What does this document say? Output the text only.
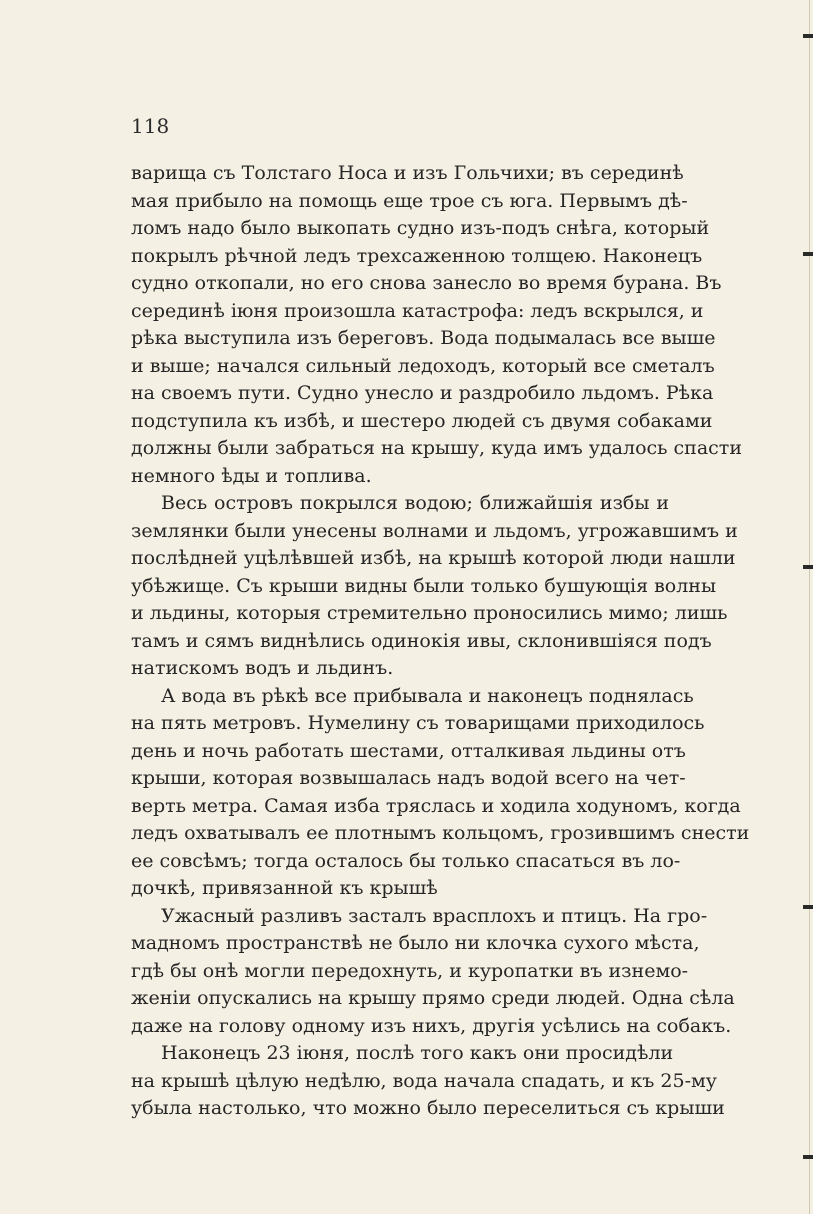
118
варища съ Толстаго Носа и изъ Гольчихи; въ серединѣ
мая прибыло на помощь еще трое съ юга. Первымъ дѣ-
ломъ надо было выкопать судно изъ-подъ снѣга, который
покрылъ рѣчной ледъ трехсаженною толщею. Наконецъ
судно откопали, но его снова занесло во время бурана. Въ
серединѣ іюня произошла катастрофа: ледъ вскрылся, и
рѣка выступила изъ береговъ. Вода подымалась все выше
и выше; начался сильный ледоходъ, который все сметалъ
на своемъ пути. Судно унесло и раздробило льдомъ. Рѣка
подступила къ избѣ, и шестеро людей съ двумя собаками
должны были забраться на крышу, куда имъ удалось спасти
немного ѣды и топлива.
Весь островъ покрылся водою; ближайшія избы и
землянки были унесены волнами и льдомъ, угрожавшимъ и
послѣдней уцѣлѣвшей избѣ, на крышѣ которой люди нашли
убѣжище. Съ крыши видны были только бушующія волны
и льдины, которыя стремительно проносились мимо; лишь
тамъ и сямъ виднѣлись одинокія ивы, склонившіяся подъ
натискомъ водъ и льдинъ.
А вода въ рѣкѣ все прибывала и наконецъ поднялась
на пять метровъ. Нумелину съ товарищами приходилось
день и ночь работать шестами, отталкивая льдины отъ
крыши, которая возвышалась надъ водой всего на чет-
верть метра. Самая изба тряслась и ходила ходуномъ, когда
ледъ охватывалъ ее плотнымъ кольцомъ, грозившимъ снести
ее совсѣмъ; тогда осталось бы только спасаться въ ло-
дочкѣ, привязанной къ крышѣ
Ужасный разливъ засталъ врасплохъ и птицъ. На гро-
мадномъ пространствѣ не было ни клочка сухого мѣста,
гдѣ бы онѣ могли передохнуть, и куропатки въ изнемо-
женіи опускались на крышу прямо среди людей. Одна сѣла
даже на голову одному изъ нихъ, другія усѣлись на собакъ.
Наконецъ 23 іюня, послѣ того какъ они просидѣли
на крышѣ цѣлую недѣлю, вода начала спадать, и къ 25-му
убыла настолько, что можно было переселиться съ крыши
